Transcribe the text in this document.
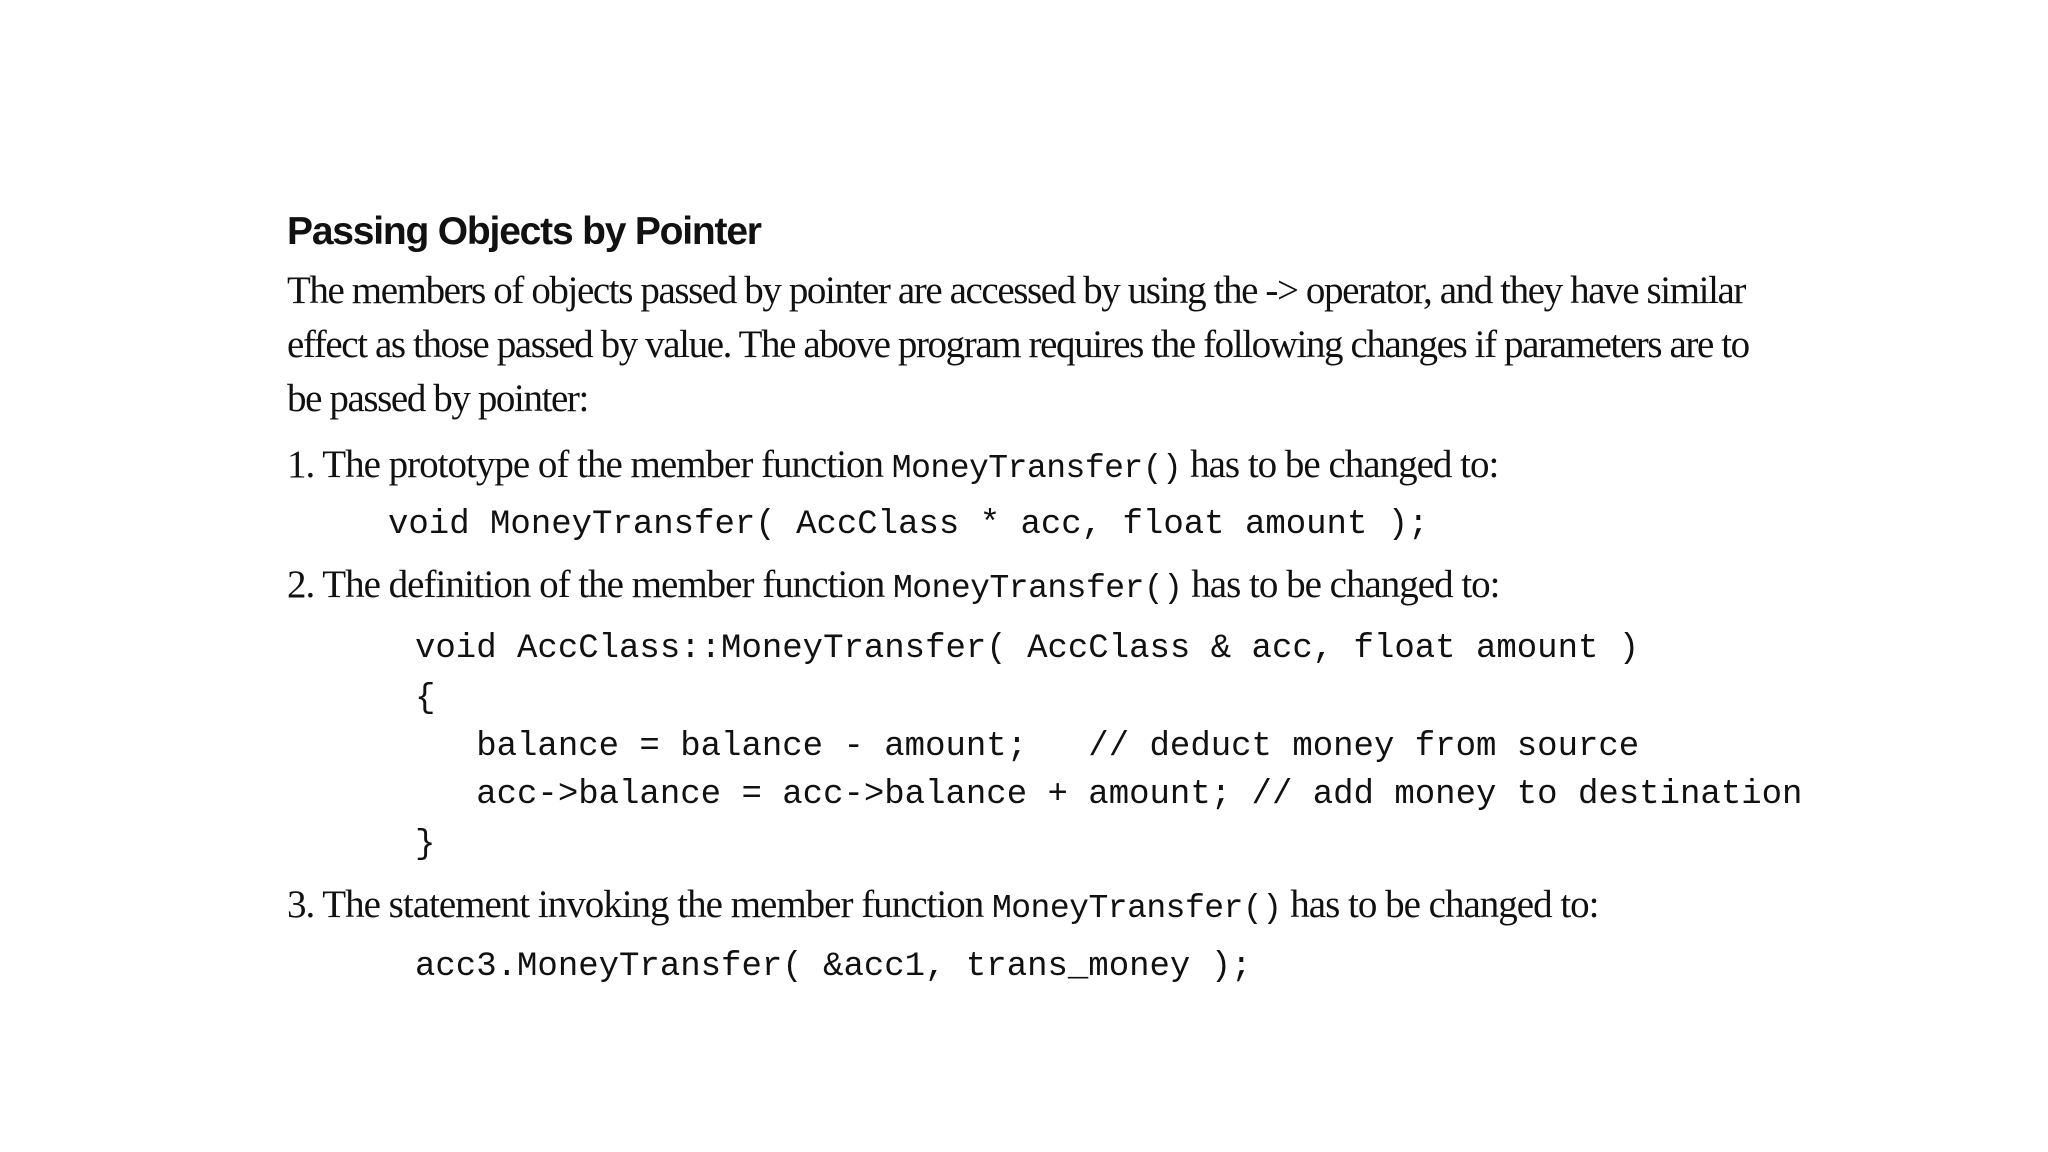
Passing Objects by Pointer

The members of objects passed by pointer are accessed by using the -> operator, and they have similar

effect as those passed by value. The above program requires the following changes if parameters are to

be passed by pointer:

1. The prototype of the member function MoneyTransfer() has to be changed to:

void MoneyTransfer( AccClass * acc, float amount );

2. The definition of the member function MoneyTransfer() has to be changed to:

void AccClass::MoneyTransfer( AccClass & acc, float amount )
{
balance = balance - amount;   // deduct money from source
acc->balance = acc->balance + amount; // add money to destination
}

3. The statement invoking the member function MoneyTransfer() has to be changed to:

acc3.MoneyTransfer( &acc1, trans_money );
